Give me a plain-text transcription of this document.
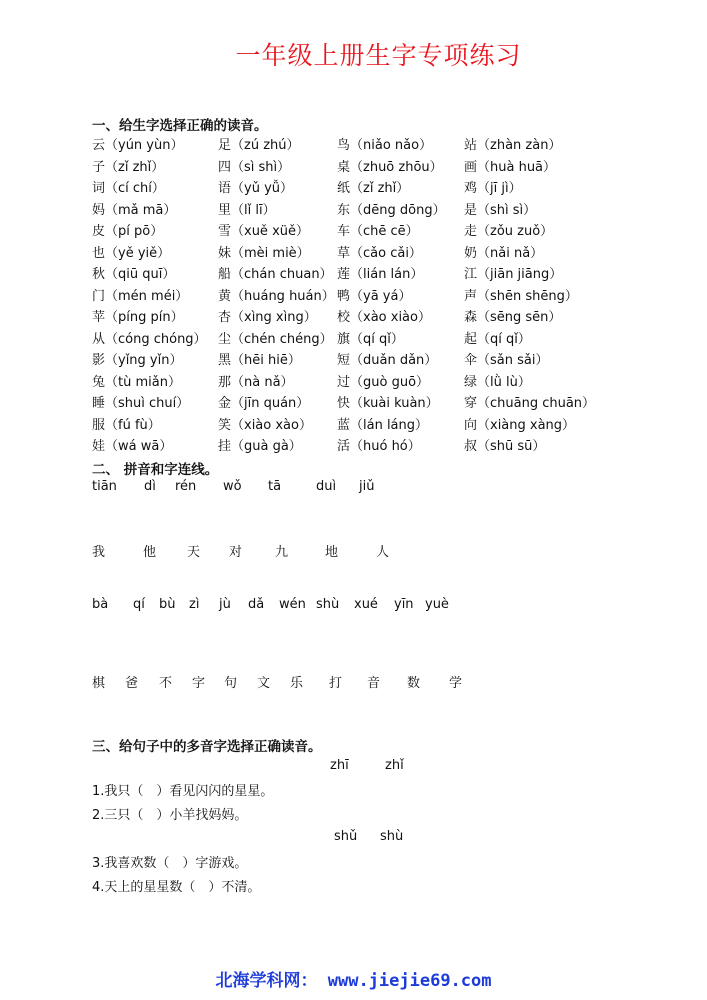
一年级上册生字专项练习
一、给生字选择正确的读音。
云（yún yùn）	足（zú zhú）	鸟（niǎo nǎo） 站（zhàn zàn）
子（zǐ zhǐ）	四（sì shì）	桌（zhuō zhōu） 画（huà huā）
词（cí chí）	语（yǔ yǚ）	纸（zǐ zhǐ）	鸡（jī jì）
妈（mǎ mā）	里（lǐ lī）	东（dēng dōng） 是（shì sì）
皮（pí pō）	雪（xuě xüě） 车（chē cē）	走（zǒu zuǒ）
也（yě yiě）	妹（mèi miè） 草（cǎo cǎi）	奶（nǎi nǎ）
秋（qiū quī）	船（chán chuan） 莲（lián lán）	江（jiān jiāng）
门（mén méi） 黄（huáng huán） 鸭（yā yá）	声（shēn shēng）
苹（píng pín）	杏（xìng xìng） 校（xào xiào）	森（sēng sēn）
从（cóng chóng） 尘（chén chéng） 旗（qí qǐ）	起（qí qǐ）
影（yǐng yǐn）	黑（hēi hiē）	短（duǎn dǎn） 伞（sǎn sǎi）
兔（tù miǎn）	那（nà nǎ）	过（guò guō）	绿（lǜ lù）
睡（shuì chuí） 金（jīn quán） 快（kuài kuàn） 穿（chuāng chuān）
服（fú fù）	笑（xiào xào） 蓝（lán láng）	向（xiàng xàng）
娃（wá wā）	挂（guà gà）	活（huó hó）	叔（shū sū）
二、 拼音和字连线。
tiān dì rén wǒ tā	duì jiǔ
我	他 天 对	九	地	人
bà qí bù zì jù dǎ wén shù xué yīn yuè
棋 爸 不 字 句 文 乐 打 音 数 学
三、给句子中的多音字选择正确读音。
zhī	zhǐ
1.我只（　）看见闪闪的星星。
2.三只（　）小羊找妈妈。
shǔ shù
3.我喜欢数（　）字游戏。
4.天上的星星数（　）不清。
北海学科网： www.jiejie69.com
